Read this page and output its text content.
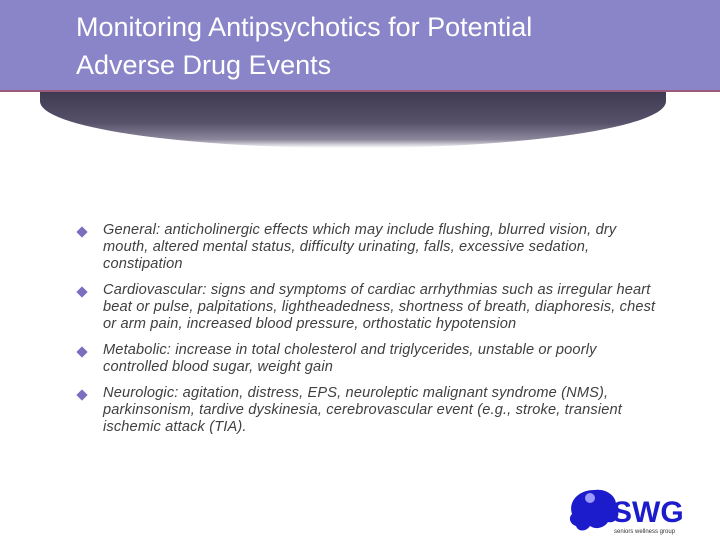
Monitoring Antipsychotics for Potential Adverse Drug Events
General: anticholinergic effects which may include flushing, blurred vision, dry mouth, altered mental status, difficulty urinating, falls, excessive sedation, constipation
Cardiovascular: signs and symptoms of cardiac arrhythmias such as irregular heart beat or pulse, palpitations, lightheadedness, shortness of breath, diaphoresis, chest or arm pain, increased blood pressure, orthostatic hypotension
Metabolic: increase in total cholesterol and triglycerides, unstable or poorly controlled blood sugar, weight gain
Neurologic: agitation, distress, EPS, neuroleptic malignant syndrome (NMS), parkinsonism, tardive dyskinesia, cerebrovascular event (e.g., stroke, transient ischemic attack (TIA).
SWG
seniors wellness group
